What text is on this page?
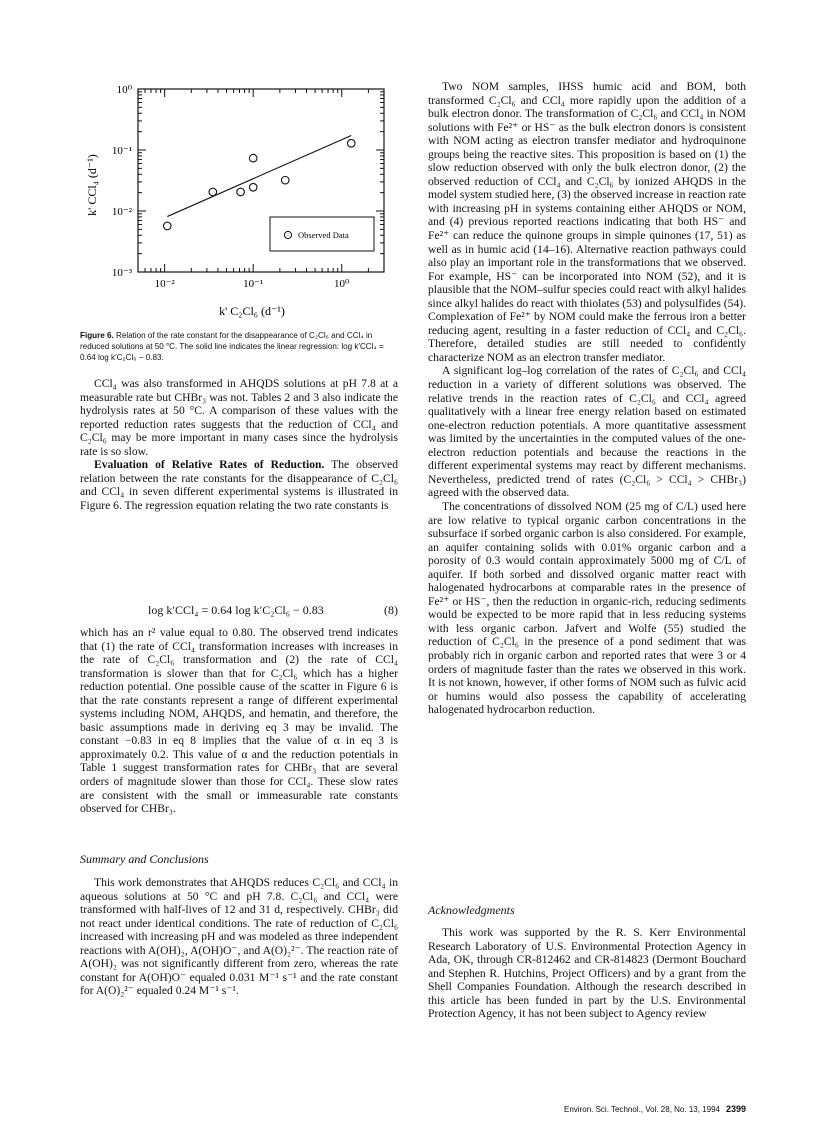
10⁻²	10⁻¹	10⁰
10⁻³
10⁻²
10⁻¹
10⁰
Observed Data
k' C₂Cl₆ (d⁻¹)
k' CCl₄ (d⁻¹)

Figure 6. Relation of the rate constant for the disappearance of C₂Cl₆ and CCl₄ in reduced solutions at 50 °C. The solid line indicates the linear regression: log k′CCl₄ = 0.64 log k′C₂Cl₆ − 0.83.

CCl₄ was also transformed in AHQDS solutions at pH 7.8 at a measurable rate but CHBr₃ was not. Tables 2 and 3 also indicate the hydrolysis rates at 50 °C. A comparison of these values with the reported reduction rates suggests that the reduction of CCl₄ and C₂Cl₆ may be more important in many cases since the hydrolysis rate is so slow.

Evaluation of Relative Rates of Reduction. The observed relation between the rate constants for the disappearance of C₂Cl₆ and CCl₄ in seven different experimental systems is illustrated in Figure 6. The regression equation relating the two rate constants is

log k′CCl₄ = 0.64 log k′C₂Cl₆ − 0.83	(8)

which has an r² value equal to 0.80. The observed trend indicates that (1) the rate of CCl₄ transformation increases with increases in the rate of C₂Cl₆ transformation and (2) the rate of CCl₄ transformation is slower than that for C₂Cl₆ which has a higher reduction potential. One possible cause of the scatter in Figure 6 is that the rate constants represent a range of different experimental systems including NOM, AHQDS, and hematin, and therefore, the basic assumptions made in deriving eq 3 may be invalid. The constant −0.83 in eq 8 implies that the value of α in eq 3 is approximately 0.2. This value of α and the reduction potentials in Table 1 suggest transformation rates for CHBr₃ that are several orders of magnitude slower than those for CCl₄. These slow rates are consistent with the small or immeasurable rate constants observed for CHBr₃.

Summary and Conclusions

This work demonstrates that AHQDS reduces C₂Cl₆ and CCl₄ in aqueous solutions at 50 °C and pH 7.8. C₂Cl₆ and CCl₄ were transformed with half-lives of 12 and 31 d, respectively. CHBr₃ did not react under identical conditions. The rate of reduction of C₂Cl₆ increased with increasing pH and was modeled as three independent reactions with A(OH)₂, A(OH)O⁻, and A(O)₂²⁻. The reaction rate of A(OH)₂ was not significantly different from zero, whereas the rate constant for A(OH)O⁻ equaled 0.031 M⁻¹ s⁻¹ and the rate constant for A(O)₂²⁻ equaled 0.24 M⁻¹ s⁻¹.

Two NOM samples, IHSS humic acid and BOM, both transformed C₂Cl₆ and CCl₄ more rapidly upon the addition of a bulk electron donor. The transformation of C₂Cl₆ and CCl₄ in NOM solutions with Fe²⁺ or HS⁻ as the bulk electron donors is consistent with NOM acting as electron transfer mediator and hydroquinone groups being the reactive sites. This proposition is based on (1) the slow reduction observed with only the bulk electron donor, (2) the observed reduction of CCl₄ and C₂Cl₆ by ionized AHQDS in the model system studied here, (3) the observed increase in reaction rate with increasing pH in systems containing either AHQDS or NOM, and (4) previous reported reactions indicating that both HS⁻ and Fe²⁺ can reduce the quinone groups in simple quinones (17, 51) as well as in humic acid (14–16). Alternative reaction pathways could also play an important role in the transformations that we observed. For example, HS⁻ can be incorporated into NOM (52), and it is plausible that the NOM–sulfur species could react with alkyl halides since alkyl halides do react with thiolates (53) and polysulfides (54). Complexation of Fe²⁺ by NOM could make the ferrous iron a better reducing agent, resulting in a faster reduction of CCl₄ and C₂Cl₆. Therefore, detailed studies are still needed to confidently characterize NOM as an electron transfer mediator.

A significant log–log correlation of the rates of C₂Cl₆ and CCl₄ reduction in a variety of different solutions was observed. The relative trends in the reaction rates of C₂Cl₆ and CCl₄ agreed qualitatively with a linear free energy relation based on estimated one-electron reduction potentials. A more quantitative assessment was limited by the uncertainties in the computed values of the one-electron reduction potentials and because the reactions in the different experimental systems may react by different mechanisms. Nevertheless, predicted trend of rates (C₂Cl₆ > CCl₄ > CHBr₃) agreed with the observed data.

The concentrations of dissolved NOM (25 mg of C/L) used here are low relative to typical organic carbon concentrations in the subsurface if sorbed organic carbon is also considered. For example, an aquifer containing solids with 0.01% organic carbon and a porosity of 0.3 would contain approximately 5000 mg of C/L of aquifer. If both sorbed and dissolved organic matter react with halogenated hydrocarbons at comparable rates in the presence of Fe²⁺ or HS⁻, then the reduction in organic-rich, reducing sediments would be expected to be more rapid that in less reducing systems with less organic carbon. Jafvert and Wolfe (55) studied the reduction of C₂Cl₆ in the presence of a pond sediment that was probably rich in organic carbon and reported rates that were 3 or 4 orders of magnitude faster than the rates we observed in this work. It is not known, however, if other forms of NOM such as fulvic acid or humins would also possess the capability of accelerating halogenated hydrocarbon reduction.

Acknowledgments

This work was supported by the R. S. Kerr Environmental Research Laboratory of U.S. Environmental Protection Agency in Ada, OK, through CR-812462 and CR-814823 (Dermont Bouchard and Stephen R. Hutchins, Project Officers) and by a grant from the Shell Companies Foundation. Although the research described in this article has been funded in part by the U.S. Environmental Protection Agency, it has not been subject to Agency review

Environ. Sci. Technol., Vol. 28, No. 13, 1994 2399
